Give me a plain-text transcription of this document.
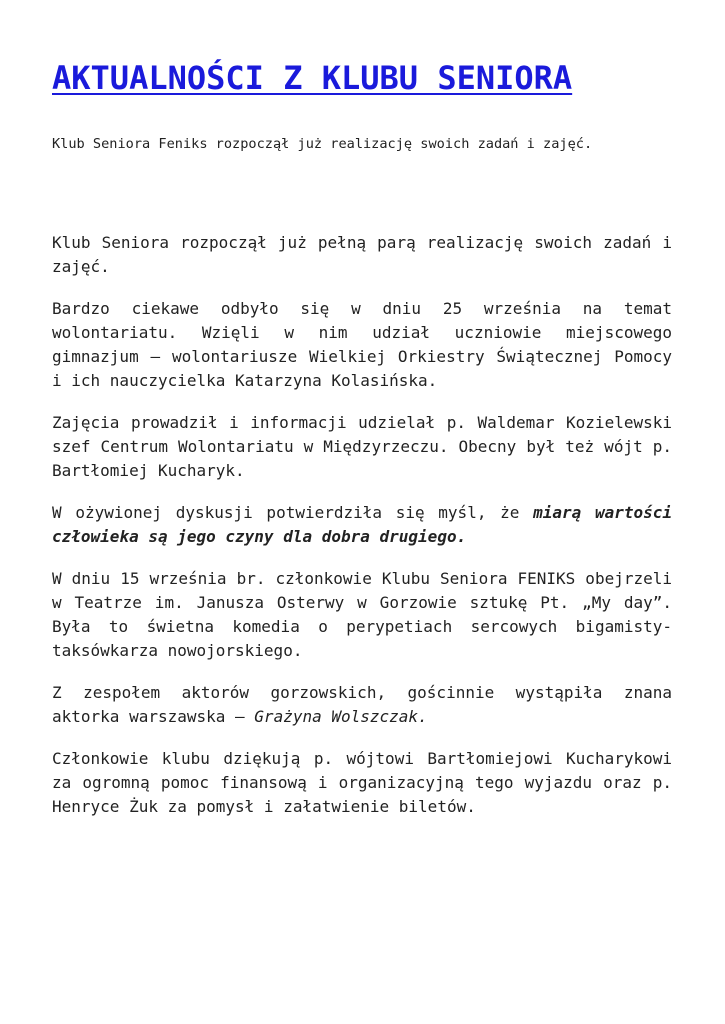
AKTUALNOŚCI Z KLUBU SENIORA
Klub Seniora Feniks rozpoczął już realizację swoich zadań i zajęć.

Klub Seniora rozpoczął już pełną parą realizację swoich zadań i zajęć.

Bardzo ciekawe odbyło się w dniu 25 września na temat wolontariatu. Wzięli w nim udział uczniowie miejscowego gimnazjum – wolontariusze Wielkiej Orkiestry Świątecznej Pomocy i ich nauczycielka Katarzyna Kolasińska.

Zajęcia prowadził i informacji udzielał p. Waldemar Kozielewski szef Centrum Wolontariatu w Międzyrzeczu. Obecny był też wójt p. Bartłomiej Kucharyk.

W ożywionej dyskusji potwierdziła się myśl, że miarą wartości człowieka są jego czyny dla dobra drugiego.

W dniu 15 września br. członkowie Klubu Seniora FENIKS obejrzeli w Teatrze im. Janusza Osterwy w Gorzowie sztukę Pt. „My day”. Była to świetna komedia o perypetiach sercowych bigamisty-taksówkarza nowojorskiego.

Z zespołem aktorów gorzowskich, gościnnie wystąpiła znana aktorka warszawska – Grażyna Wolszczak.

Członkowie klubu dziękują p. wójtowi Bartłomiejowi Kucharykowi za ogromną pomoc finansową i organizacyjną tego wyjazdu oraz p. Henryce Żuk za pomysł i załatwienie biletów.
